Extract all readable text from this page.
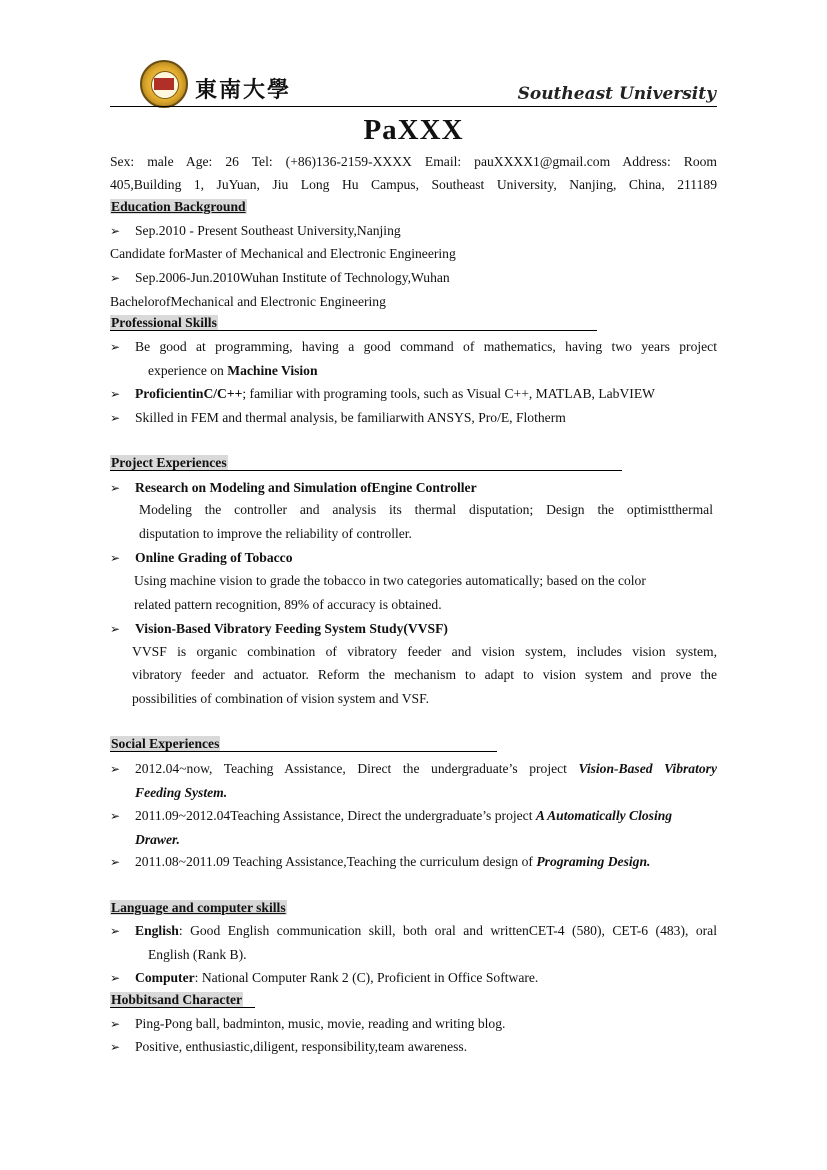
東南大學	Southeast University
PaXXX
Sex: male Age: 26 Tel: (+86)136-2159-XXXX Email: pauXXXX1@gmail.com Address: Room
405,Building 1, JuYuan, Jiu Long Hu Campus, Southeast University, Nanjing, China, 211189
Education Background
➢ Sep.2010 - Present Southeast University,Nanjing
Candidate forMaster of Mechanical and Electronic Engineering
➢ Sep.2006-Jun.2010Wuhan Institute of Technology,Wuhan
BachelorofMechanical and Electronic Engineering
Professional Skills
➢ Be good at programming, having a good command of mathematics, having two years project
experience on Machine Vision
➢ ProficientinC/C++; familiar with programing tools, such as Visual C++, MATLAB, LabVIEW
➢ Skilled in FEM and thermal analysis, be familiarwith ANSYS, Pro/E, Flotherm
Project Experiences
➢ Research on Modeling and Simulation ofEngine Controller
Modeling the controller and analysis its thermal disputation; Design the optimistthermal
disputation to improve the reliability of controller.
➢ Online Grading of Tobacco
Using machine vision to grade the tobacco in two categories automatically; based on the color
related pattern recognition, 89% of accuracy is obtained.
➢ Vision-Based Vibratory Feeding System Study(VVSF)
VVSF is organic combination of vibratory feeder and vision system, includes vision system,
vibratory feeder and actuator. Reform the mechanism to adapt to vision system and prove the
possibilities of combination of vision system and VSF.
Social Experiences
➢ 2012.04~now, Teaching Assistance, Direct the undergraduate’s project Vision-Based Vibratory
Feeding System.
➢ 2011.09~2012.04Teaching Assistance, Direct the undergraduate’s project A Automatically Closing
Drawer.
➢ 2011.08~2011.09 Teaching Assistance,Teaching the curriculum design of Programing Design.
Language and computer skills
➢ English: Good English communication skill, both oral and writtenCET-4 (580), CET-6 (483), oral
English (Rank B).
➢ Computer: National Computer Rank 2 (C), Proficient in Office Software.
Hobbitsand Character
➢ Ping-Pong ball, badminton, music, movie, reading and writing blog.
➢ Positive, enthusiastic,diligent, responsibility,team awareness.
